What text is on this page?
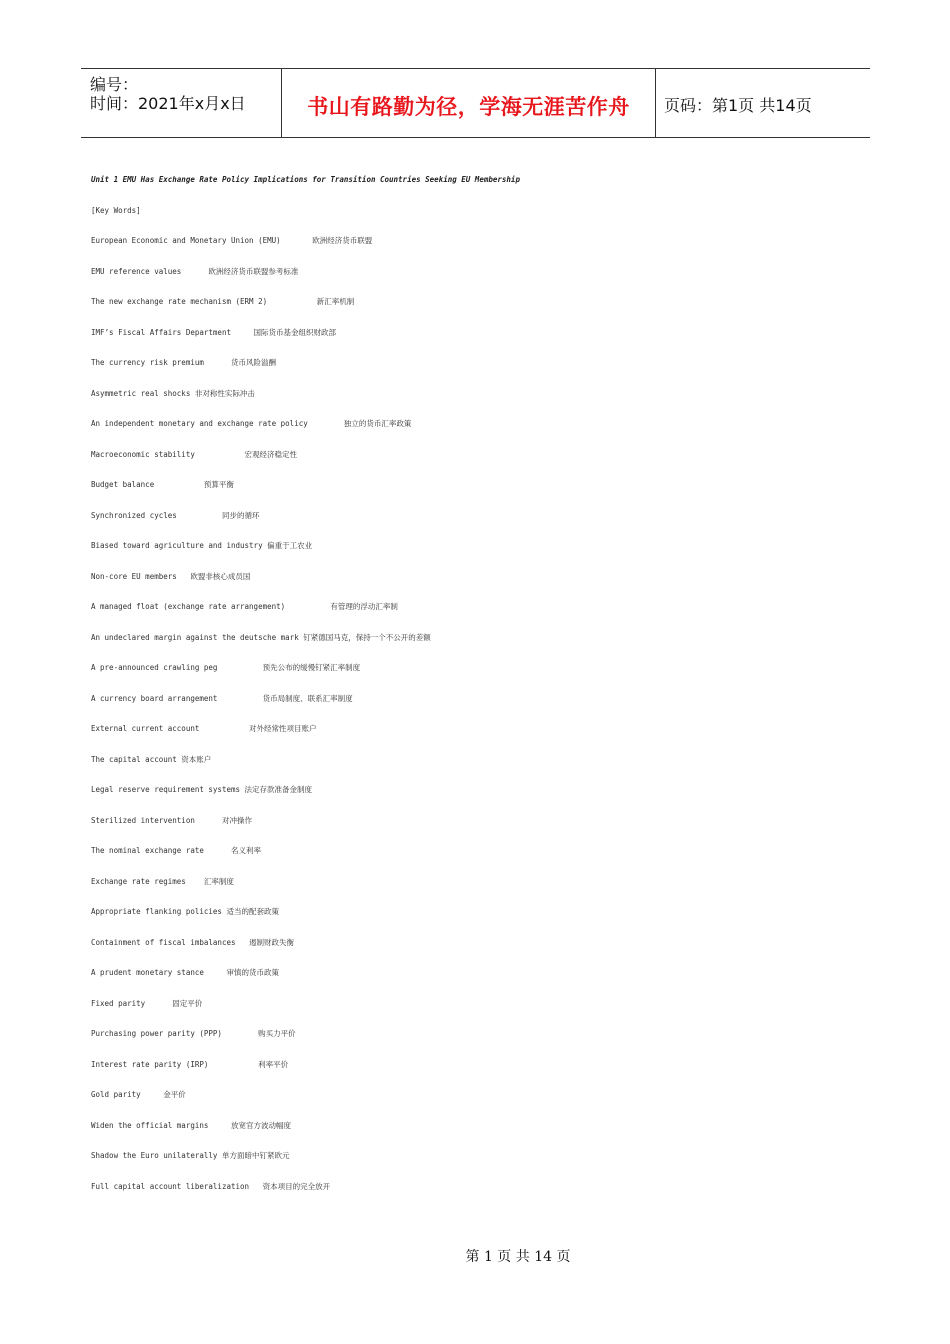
编号：
时间：2021年x月x日	书山有路勤为径，学海无涯苦作舟	页码：第1页 共14页
Unit 1 EMU Has Exchange Rate Policy Implications for Transition Countries Seeking EU Membership
[Key Words]
European Economic and Monetary Union (EMU)       欧洲经济货币联盟
EMU reference values      欧洲经济货币联盟参考标准
The new exchange rate mechanism (ERM 2)           新汇率机制
IMF’s Fiscal Affairs Department     国际货币基金组织财政部
The currency risk premium      货币风险溢酬
Asymmetric real shocks 非对称性实际冲击
An independent monetary and exchange rate policy        独立的货币汇率政策
Macroeconomic stability           宏观经济稳定性
Budget balance           预算平衡
Synchronized cycles          同步的循环
Biased toward agriculture and industry 偏重于工农业
Non-core EU members   欧盟非核心成员国
A managed float (exchange rate arrangement)          有管理的浮动汇率制
An undeclared margin against the deutsche mark 钉紧德国马克，保持一个不公开的差额
A pre-announced crawling peg          预先公布的缓慢钉紧汇率制度
A currency board arrangement          货币局制度、联系汇率制度
External current account           对外经常性项目账户
The capital account 资本账户
Legal reserve requirement systems 法定存款准备金制度
Sterilized intervention      对冲操作
The nominal exchange rate      名义利率
Exchange rate regimes    汇率制度
Appropriate flanking policies 适当的配套政策
Containment of fiscal imbalances   遏制财政失衡
A prudent monetary stance     审慎的货币政策
Fixed parity      固定平价
Purchasing power parity (PPP)        购买力平价
Interest rate parity (IRP)           利率平价
Gold parity     金平价
Widen the official margins     放宽官方波动幅度
Shadow the Euro unilaterally 单方面暗中钉紧欧元
Full capital account liberalization   资本项目的完全放开
第 1 页 共 14 页
